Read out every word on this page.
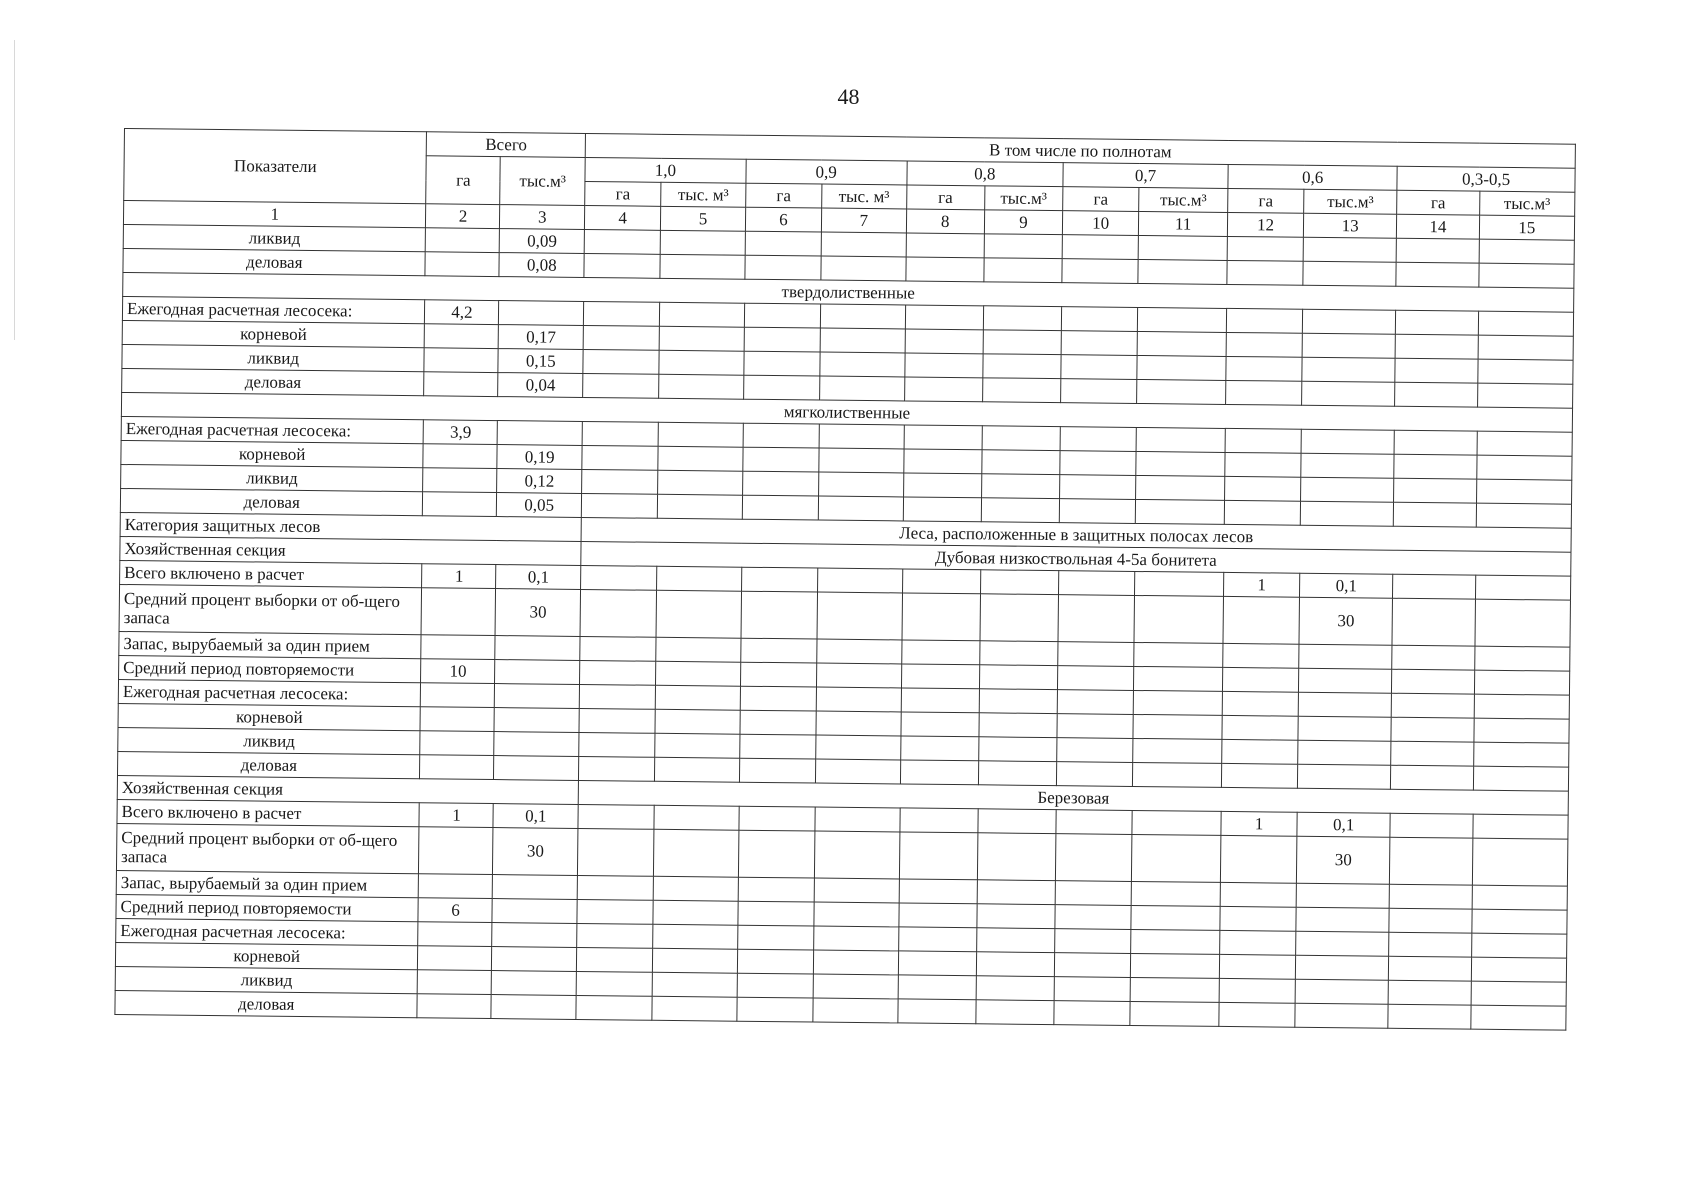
48
Показатели	Всего		В том числе по полнотам											
	га	тыс.м³	1,0		0,9		0,8		0,7		0,6		0,3-0,5	
			га	тыс. м³	га	тыс. м³	га	тыс.м³	га	тыс.м³	га	тыс.м³	га	тыс.м³
1	2	3	4	5	6	7	8	9	10	11	12	13	14	15
ликвид		0,09												
деловая		0,08												
твердолиственные														
Ежегодная расчетная лесосека:	4,2													
корневой		0,17												
ликвид		0,15												
деловая		0,04												
мягколиственные														
Ежегодная расчетная лесосека:	3,9													
корневой		0,19												
ликвид		0,12												
деловая		0,05												
Категория защитных лесов			Леса, расположенные в защитных полосах лесов											
Хозяйственная секция			Дубовая низкоствольная 4-5а бонитета											
Всего включено в расчет	1	0,1									1	0,1		
Средний процент выборки от об-щего запаса		30										30		
Запас, вырубаемый за один прием														
Средний период повторяемости	10													
Ежегодная расчетная лесосека:														
корневой														
ликвид														
деловая														
Хозяйственная секция			Березовая											
Всего включено в расчет	1	0,1									1	0,1		
Средний процент выборки от об-щего запаса		30										30		
Запас, вырубаемый за один прием														
Средний период повторяемости	6													
Ежегодная расчетная лесосека:														
корневой														
ликвид														
деловая														
